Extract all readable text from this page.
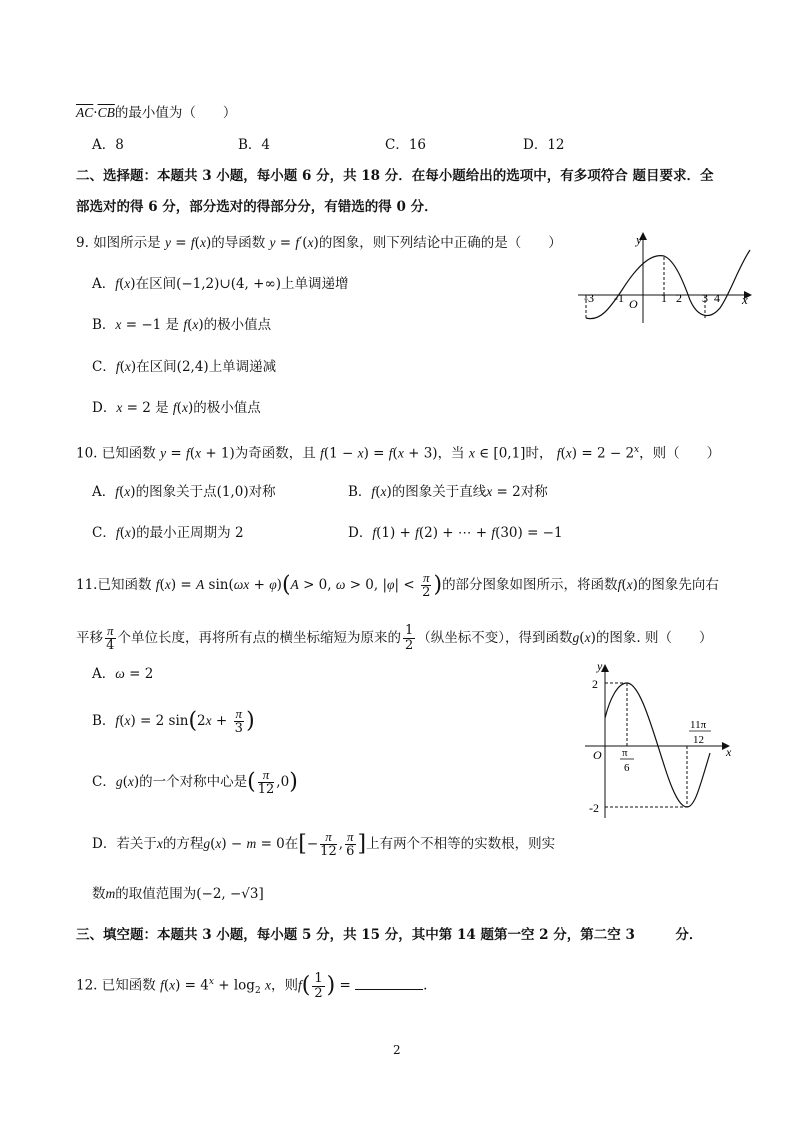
$\overline{AC}\cdot\overline{CB}$的最小值为（　　）
A．8	B．4	C．16	D．12
二、选择题：本题共 3 小题，每小题 6 分，共 18 分．在每小题给出的选项中，有多项符合 题目要求．全
部选对的得 6 分，部分选对的得部分分，有错选的得 0 分．
9. 如图所示是 y = f(x)的导函数 y = f′(x)的图象，则下列结论中正确的是（　　）
A．f(x)在区间(−1,2)∪(4, +∞)上单调递增
B．x = −1 是 f(x)的极小值点
C．f(x)在区间(2,4)上单调递减
D．x = 2 是 f(x)的极小值点
y
x
O
-3 -1	1 2 3 4
10. 已知函数 y = f(x + 1)为奇函数，且 f(1 − x) = f(x + 3)，当 x ∈ [0,1]时， $f(x) = 2 - 2^x$，则（　　）
A．f(x)的图象关于点(1,0)对称	B．f(x)的图象关于直线x = 2对称
C．f(x)的最小正周期为 2	D．f(1) + f(2) + ⋯ + f(30) = −1
11.已知函数 f(x) = A sin(ωx + φ)(A > 0, ω > 0, $|\varphi| < \frac{\pi}{2}$ )的部分图象如图所示，将函数f(x)的图象先向右
平移 $\frac{\pi}{4}$ 个单位长度，再将所有点的横坐标缩短为原来的 $\frac{1}{2}$ （纵坐标不变），得到函数g(x)的图象. 则（　　）
A．ω = 2
B．f(x) = 2 $\sin(2x + \frac{\pi}{3}$ )
C．g(x)的一个对称中心是( $\frac{\pi}{12} ,0$)
D．若关于x的方程g(x) − m = 0在[− $\frac{\pi}{12}$ , $\frac{\pi}{6}$ ]上有两个不相等的实数根，则实
数m的取值范围为(−2, −√3]
y
x
O
2
-2
π
6
11π
12
三、填空题：本题共 3 小题，每小题 5 分，共 15 分，其中第 14 题第一空 2 分，第二空 3　　　分．
12. 已知函数 $f(x) = 4^x + \log_2 x$，则$f( \frac{1}{2}$ ) =	.
2
